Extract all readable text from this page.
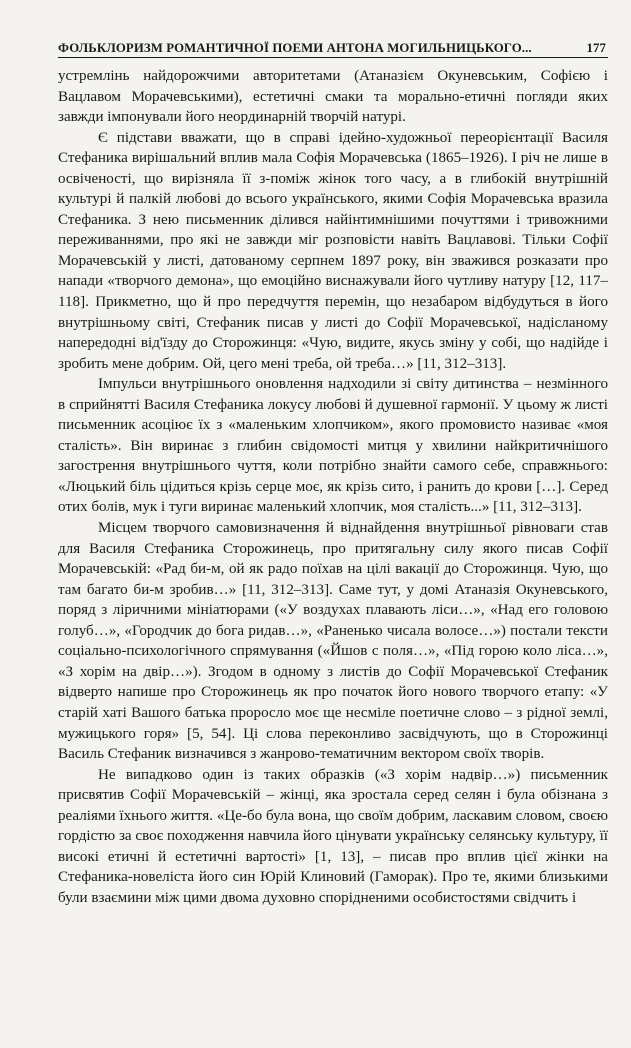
ФОЛЬКЛОРИЗМ РОМАНТИЧНОЇ ПОЕМИ АНТОНА МОГИЛЬНИЦЬКОГО...	177

устремлінь найдорожчими авторитетами (Атаназієм Окуневським, Софією і Вацлавом Морачевськими), естетичні смаки та морально-етичні погляди яких завжди імпонували його неординарній творчій натурі.

Є підстави вважати, що в справі ідейно-художньої переорієнтації Василя Стефаника вирішальний вплив мала Софія Морачевська (1865–1926). І річ не лише в освіченості, що вирізняла її з-поміж жінок того часу, а в глибокій внутрішній культурі й палкій любові до всього українського, якими Софія Морачевська вразила Стефаника. З нею письменник ділився найінтимнішими почуттями і тривожними переживаннями, про які не завжди міг розповісти навіть Вацлавові. Тільки Софії Морачевській у листі, датованому серпнем 1897 року, він зважився розказати про напади «творчого демона», що емоційно виснажували його чутливу натуру [12, 117–118]. Прикметно, що й про передчуття перемін, що незабаром відбудуться в його внутрішньому світі, Стефаник писав у листі до Софії Морачевської, надісланому напередодні від'їзду до Сторожинця: «Чую, видите, якусь зміну у собі, що надійде і зробить мене добрим. Ой, цего мені треба, ой треба…» [11, 312–313].

Імпульси внутрішнього оновлення надходили зі світу дитинства – незмінного в сприйнятті Василя Стефаника локусу любові й душевної гармонії. У цьому ж листі письменник асоціює їх з «маленьким хлопчиком», якого промовисто називає «моя сталість». Він виринає з глибин свідомості митця у хвилини найкритичнішого загострення внутрішнього чуття, коли потрібно знайти самого себе, справжнього: «Люцький біль цідиться крізь серце моє, як крізь сито, і ранить до крови […]. Серед отих болів, мук і туги виринає маленький хлопчик, моя сталість...» [11, 312–313].

Місцем творчого самовизначення й віднайдення внутрішньої рівноваги став для Василя Стефаника Сторожинець, про притягальну силу якого писав Софії Морачевській: «Рад би-м, ой як радо поїхав на цілі вакації до Сторожинця. Чую, що там багато би-м зробив…» [11, 312–313]. Саме тут, у домі Атаназія Окуневського, поряд з ліричними мініатюрами («У воздухах плавають ліси…», «Над его головою голуб…», «Городчик до бога ридав…», «Раненько чисала волосе…») постали тексти соціально-психологічного спрямування («Йшов с поля…», «Під горою коло ліса…», «З хорім на двір…»). Згодом в одному з листів до Софії Морачевської Стефаник відверто напише про Сторожинець як про початок його нового творчого етапу: «У старій хаті Вашого батька проросло моє ще несміле поетичне слово – з рідної землі, мужицького горя» [5, 54]. Ці слова переконливо засвідчують, що в Сторожинці Василь Стефаник визначився з жанрово-тематичним вектором своїх творів.

Не випадково один із таких образків («З хорім надвір…») письменник присвятив Софії Морачевській – жінці, яка зростала серед селян і була обізнана з реаліями їхнього життя. «Це-бо була вона, що своїм добрим, ласкавим словом, своєю гордістю за своє походження навчила його цінувати українську селянську культуру, її високі етичні й естетичні вартості» [1, 13], – писав про вплив цієї жінки на Стефаника-новеліста його син Юрій Клиновий (Гаморак). Про те, якими близькими були взаємини між цими двома духовно спорідненими особистостями свідчить і
